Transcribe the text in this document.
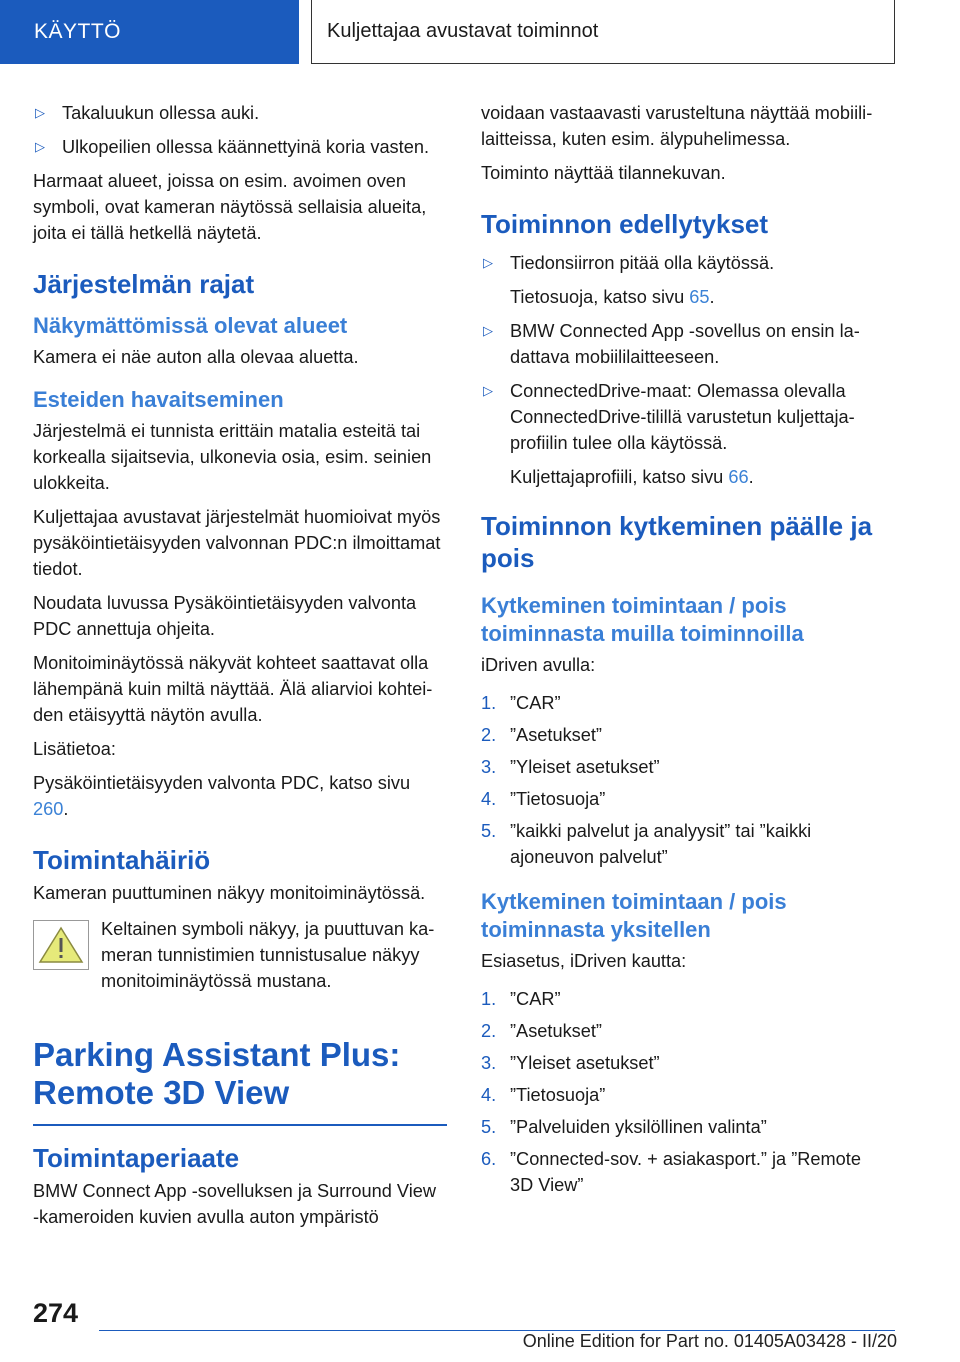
KÄYTTÖ	Kuljettajaa avustavat toiminnot
▷ Takaluukun ollessa auki.
▷ Ulkopeilien ollessa käännettyinä koria vasten.

Harmaat alueet, joissa on esim. avoimen oven symboli, ovat kameran näytössä sellaisia alueita, joita ei tällä hetkellä näytetä.

Järjestelmän rajat
Näkymättömissä olevat alueet

Kamera ei näe auton alla olevaa aluetta.

Esteiden havaitseminen

Järjestelmä ei tunnista erittäin matalia esteitä tai korkealla sijaitsevia, ulkonevia osia, esim. seinien ulokkeita.

Kuljettajaa avustavat järjestelmät huomioivat myös pysäköintietäisyyden valvonnan PDC:n ilmoittamat tiedot.

Noudata luvussa Pysäköintietäisyyden valvonta PDC annettuja ohjeita.

Monitoiminäytössä näkyvät kohteet saattavat olla lähempänä kuin miltä näyttää. Älä aliarvioi kohteiden etäisyyttä näytön avulla.

Lisätietoa:

Pysäköintietäisyyden valvonta PDC, katso sivu 260.

Toimintahäiriö

Kameran puuttuminen näkyy monitoiminäytössä.

Keltainen symboli näkyy, ja puuttuvan kameran tunnistimien tunnistusalue näkyy monitoiminäytössä mustana.

Parking Assistant Plus: Remote 3D View
Toimintaperiaate

BMW Connect App -sovelluksen ja Surround View -kameroiden kuvien avulla auton ympäristö

voidaan vastaavasti varusteltuna näyttää mobiililaitteissa, kuten esim. älypuhelimessa.

Toiminto näyttää tilannekuvan.

Toiminnon edellytykset
▷ Tiedonsiirron pitää olla käytössä.
Tietosuoja, katso sivu 65.
▷ BMW Connected App -sovellus on ensin ladattava mobiililaitteeseen.
▷ ConnectedDrive-maat: Olemassa olevalla ConnectedDrive-tilillä varustetun kuljettajaprofiilin tulee olla käytössä.
Kuljettajaprofiili, katso sivu 66.
Toiminnon kytkeminen päälle ja pois
Kytkeminen toimintaan / pois toiminnasta muilla toiminnoilla

iDriven avulla:

1. ”CAR”
2. ”Asetukset”
3. ”Yleiset asetukset”
4. ”Tietosuoja”
5. ”kaikki palvelut ja analyysit” tai ”kaikki ajoneuvon palvelut”
Kytkeminen toimintaan / pois toiminnasta yksitellen

Esiasetus, iDriven kautta:

1. ”CAR”
2. ”Asetukset”
3. ”Yleiset asetukset”
4. ”Tietosuoja”
5. ”Palveluiden yksilöllinen valinta”
6. ”Connected-sov. + asiakasport.” ja ”Remote 3D View”
274
Online Edition for Part no. 01405A03428 - II/20
